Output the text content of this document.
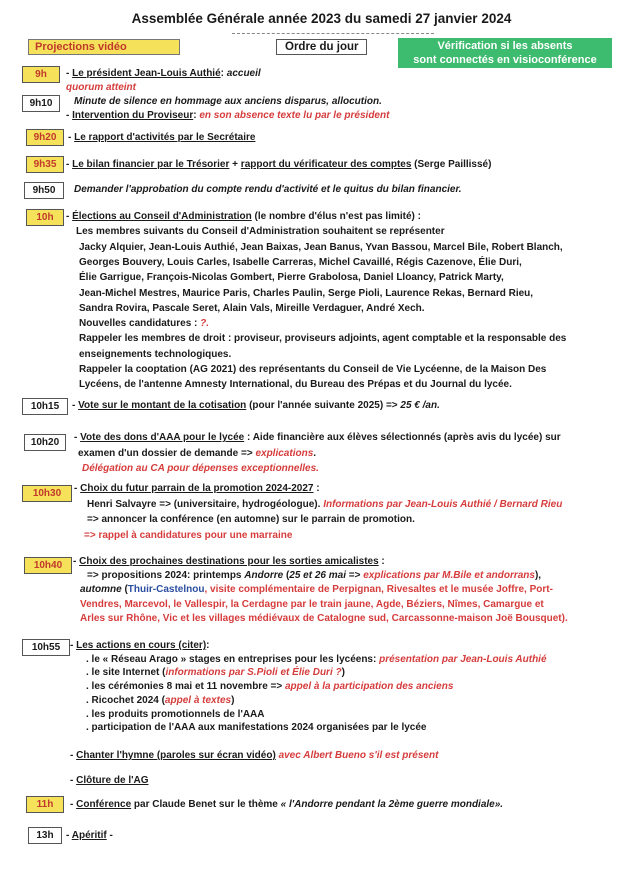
Assemblée Générale année 2023 du samedi 27 janvier 2024
Projections vidéo	Ordre du jour	Vérification si les absents
sont connectés en visioconférence
9h	- Le président Jean-Louis Authié: accueil
quorum atteint
9h10	Minute de silence en hommage aux anciens disparus, allocution.
- Intervention du Proviseur: en son absence texte lu par le président
9h20	- Le rapport d'activités par le Secrétaire
9h35 - Le bilan financier par le Trésorier + rapport du vérificateur des comptes (Serge Paillissé)
9h50	Demander l'approbation du compte rendu d'activité et le quitus du bilan financier.
10h	- Élections au Conseil d'Administration (le nombre d'élus n'est pas limité) :
Les membres suivants du Conseil d'Administration souhaitent se représenter
Jacky Alquier, Jean-Louis Authié, Jean Baixas, Jean Banus, Yvan Bassou, Marcel Bile, Robert Blanch,
Georges Bouvery, Louis Carles, Isabelle Carreras, Michel Cavaillé, Régis Cazenove, Élie Duri,
Élie Garrigue, François-Nicolas Gombert, Pierre Grabolosa, Daniel Lloancy, Patrick Marty,
Jean-Michel Mestres, Maurice Paris, Charles Paulin, Serge Pioli, Laurence Rekas, Bernard Rieu,
Sandra Rovira, Pascale Seret, Alain Vals, Mireille Verdaguer, André Xech.
Nouvelles candidatures : ?.
Rappeler les membres de droit : proviseur, proviseurs adjoints, agent comptable et la responsable des
enseignements technologiques.
Rappeler la cooptation (AG 2021) des représentants du Conseil de Vie Lycéenne, de la Maison Des
Lycéens, de l'antenne Amnesty International, du Bureau des Prépas et du Journal du lycée.
10h15	- Vote sur le montant de la cotisation (pour l'année suivante 2025) => 25 € /an.
10h20	- Vote des dons d'AAA pour le lycée : Aide financière aux élèves sélectionnés (après avis du lycée) sur
examen d'un dossier de demande => explications.
Délégation au CA pour dépenses exceptionnelles.
10h30	- Choix du futur parrain de la promotion 2024-2027 :
Henri Salvayre => (universitaire, hydrogéologue). Informations par Jean-Louis Authié / Bernard Rieu
=> annoncer la conférence (en automne) sur le parrain de promotion.
=> rappel à candidatures pour une marraine
10h40	- Choix des prochaines destinations pour les sorties amicalistes :
=> propositions 2024: printemps Andorre (25 et 26 mai => explications par M.Bile et andorrans),
automne (Thuir-Castelnou, visite complémentaire de Perpignan, Rivesaltes et le musée Joffre, Port-
Vendres, Marcevol, le Vallespir, la Cerdagne par le train jaune, Agde, Béziers, Nîmes, Camargue et
Arles sur Rhône, Vic et les villages médiévaux de Catalogne sud, Carcassonne-maison Joë Bousquet).
10h55 - Les actions en cours (citer):
. le « Réseau Arago » stages en entreprises pour les lycéens: présentation par Jean-Louis Authié
. le site Internet (informations par S.Pioli et Élie Duri ?)
. les cérémonies 8 mai et 11 novembre => appel à la participation des anciens
. Ricochet 2024 (appel à textes)
. les produits promotionnels de l'AAA
. participation de l'AAA aux manifestations 2024 organisées par le lycée
- Chanter l'hymne (paroles sur écran vidéo) avec Albert Bueno s'il est présent
- Clôture de l'AG
11h	- Conférence par Claude Benet sur le thème « l'Andorre pendant la 2ème guerre mondiale».
13h	- Apéritif -
